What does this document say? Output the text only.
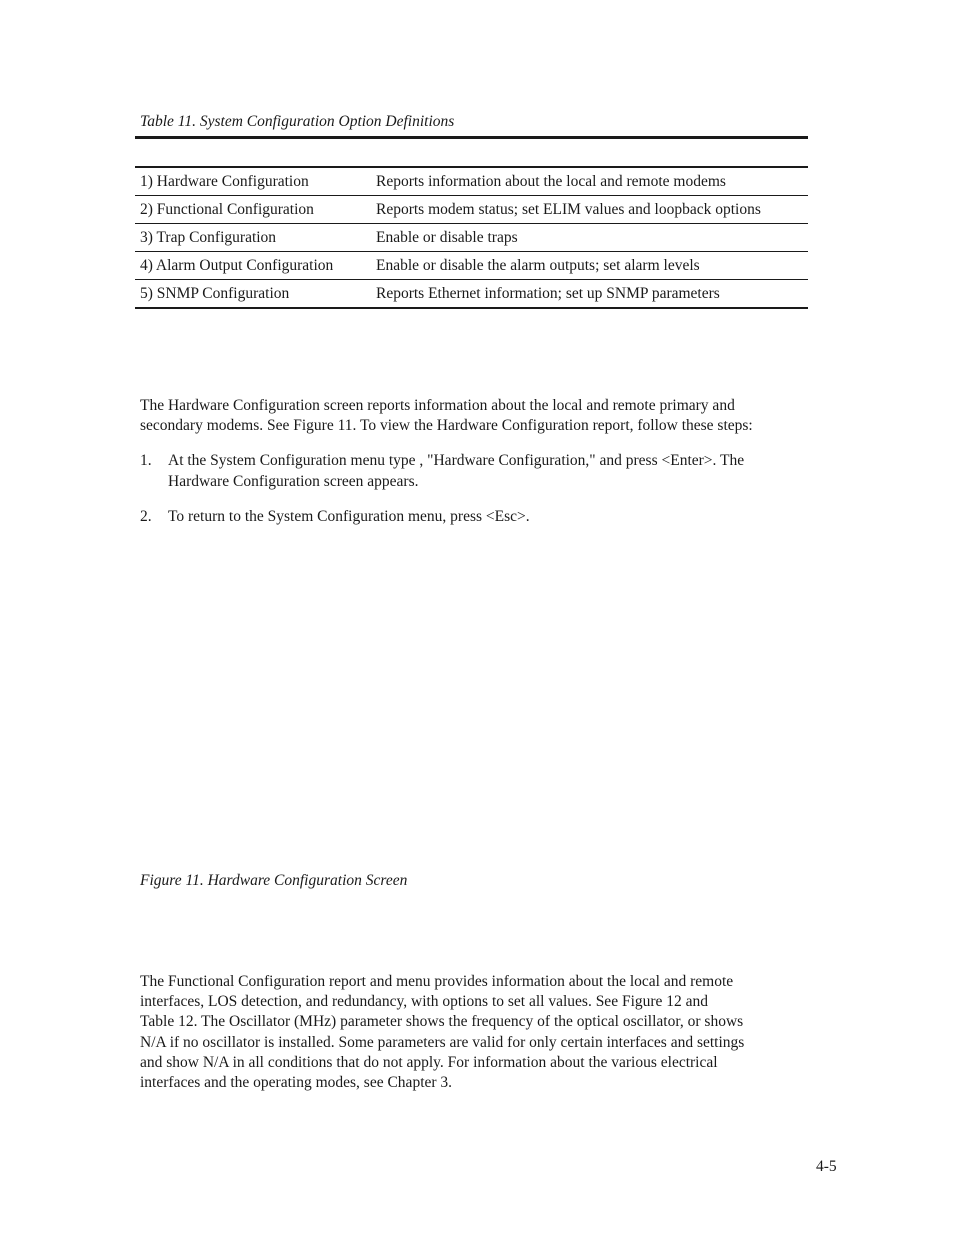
Table 11. System Configuration Option Definitions
1) Hardware Configuration	Reports information about the local and remote modems
2) Functional Configuration	Reports modem status; set ELIM values and loopback options
3) Trap Configuration	Enable or disable traps
4) Alarm Output Configuration	Enable or disable the alarm outputs; set alarm levels
5) SNMP Configuration	Reports Ethernet information; set up SNMP parameters
The Hardware Configuration screen reports information about the local and remote primary and
secondary modems. See Figure 11. To view the Hardware Configuration report, follow these steps:
1. At the System Configuration menu type , "Hardware Configuration," and press <Enter>. The
Hardware Configuration screen appears.
2. To return to the System Configuration menu, press <Esc>.
Figure 11. Hardware Configuration Screen
The Functional Configuration report and menu provides information about the local and remote
interfaces, LOS detection, and redundancy, with options to set all values. See Figure 12 and
Table 12. The Oscillator (MHz) parameter shows the frequency of the optical oscillator, or shows
N/A if no oscillator is installed. Some parameters are valid for only certain interfaces and settings
and show N/A in all conditions that do not apply. For information about the various electrical
interfaces and the operating modes, see Chapter 3.
4-5
